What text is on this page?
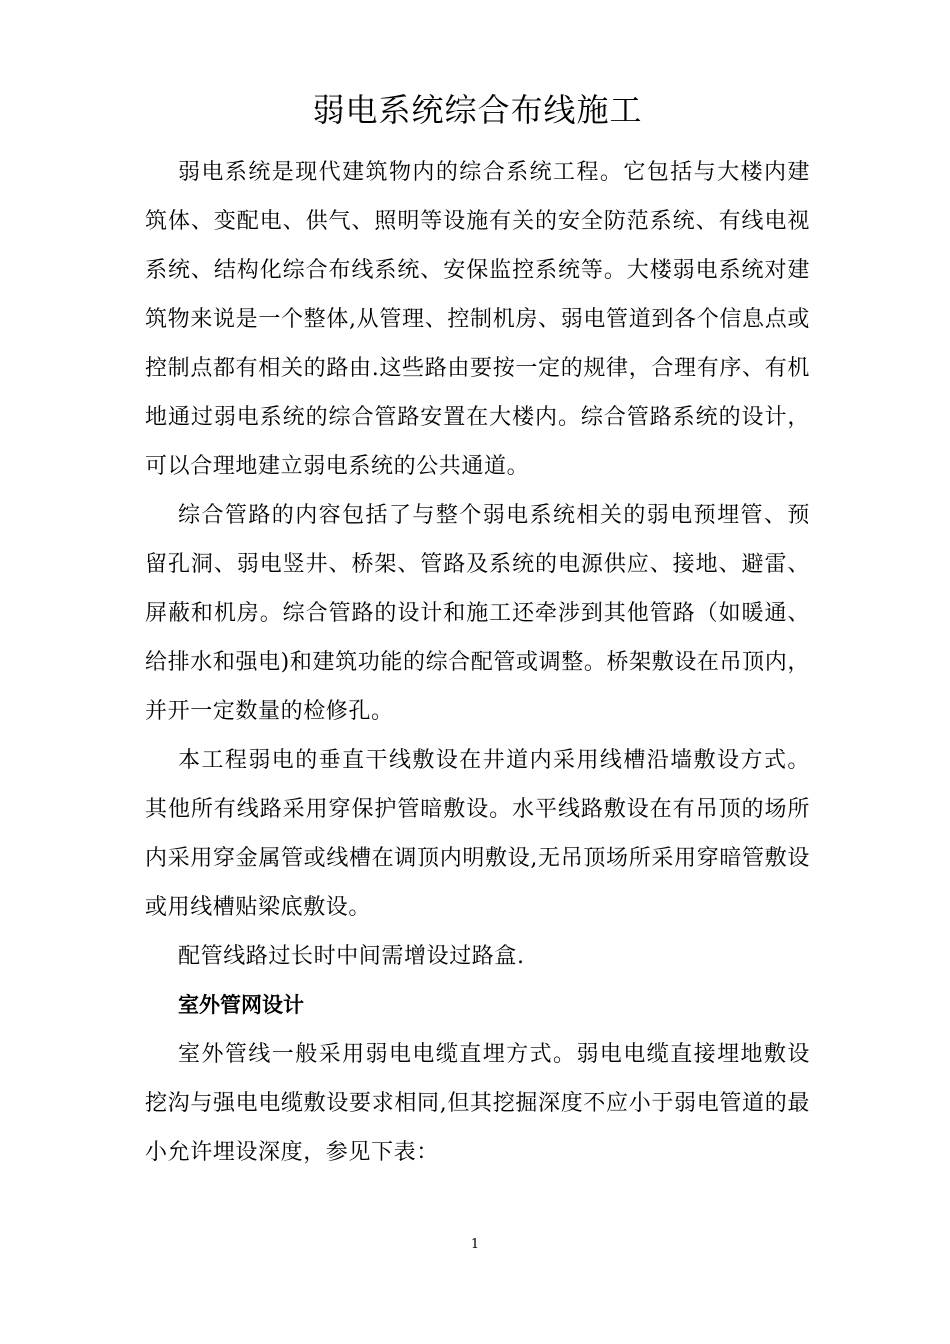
弱电系统综合布线施工

弱电系统是现代建筑物内的综合系统工程。它包括与大楼内建筑体、变配电、供气、照明等设施有关的安全防范系统、有线电视系统、结构化综合布线系统、安保监控系统等。大楼弱电系统对建筑物来说是一个整体,从管理、控制机房、弱电管道到各个信息点或控制点都有相关的路由.这些路由要按一定的规律，合理有序、有机地通过弱电系统的综合管路安置在大楼内。综合管路系统的设计，可以合理地建立弱电系统的公共通道。

综合管路的内容包括了与整个弱电系统相关的弱电预埋管、预留孔洞、弱电竖井、桥架、管路及系统的电源供应、接地、避雷、屏蔽和机房。综合管路的设计和施工还牵涉到其他管路（如暖通、给排水和强电)和建筑功能的综合配管或调整。桥架敷设在吊顶内，并开一定数量的检修孔。

本工程弱电的垂直干线敷设在井道内采用线槽沿墙敷设方式。其他所有线路采用穿保护管暗敷设。水平线路敷设在有吊顶的场所内采用穿金属管或线槽在调顶内明敷设,无吊顶场所采用穿暗管敷设或用线槽贴梁底敷设。

配管线路过长时中间需增设过路盒.

室外管网设计

室外管线一般采用弱电电缆直埋方式。弱电电缆直接埋地敷设挖沟与强电电缆敷设要求相同,但其挖掘深度不应小于弱电管道的最小允许埋设深度，参见下表：

1
